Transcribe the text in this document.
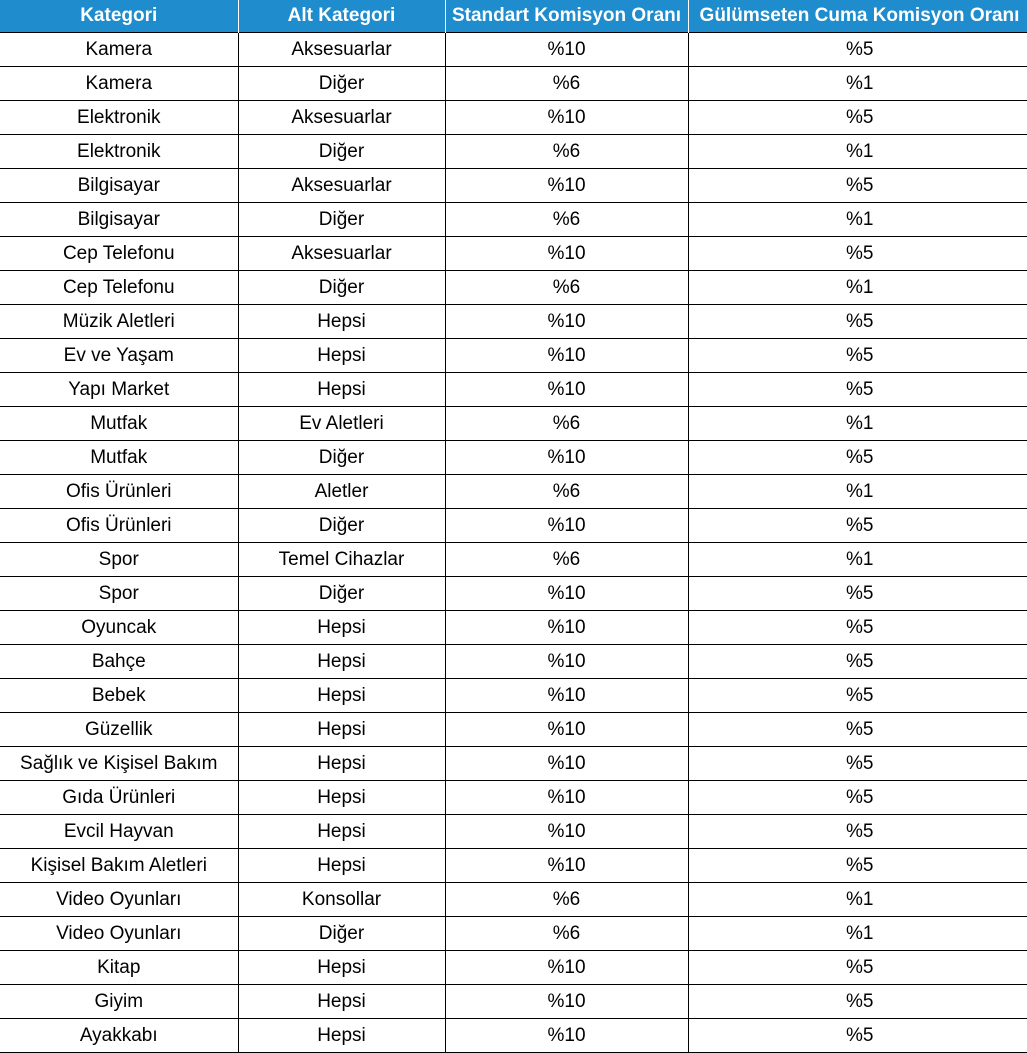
Kategori	Alt Kategori	Standart Komisyon Oranı	Gülümseten Cuma Komisyon Oranı
Kamera	Aksesuarlar	%10	%5
Kamera	Diğer	%6	%1
Elektronik	Aksesuarlar	%10	%5
Elektronik	Diğer	%6	%1
Bilgisayar	Aksesuarlar	%10	%5
Bilgisayar	Diğer	%6	%1
Cep Telefonu	Aksesuarlar	%10	%5
Cep Telefonu	Diğer	%6	%1
Müzik Aletleri	Hepsi	%10	%5
Ev ve Yaşam	Hepsi	%10	%5
Yapı Market	Hepsi	%10	%5
Mutfak	Ev Aletleri	%6	%1
Mutfak	Diğer	%10	%5
Ofis Ürünleri	Aletler	%6	%1
Ofis Ürünleri	Diğer	%10	%5
Spor	Temel Cihazlar	%6	%1
Spor	Diğer	%10	%5
Oyuncak	Hepsi	%10	%5
Bahçe	Hepsi	%10	%5
Bebek	Hepsi	%10	%5
Güzellik	Hepsi	%10	%5
Sağlık ve Kişisel Bakım	Hepsi	%10	%5
Gıda Ürünleri	Hepsi	%10	%5
Evcil Hayvan	Hepsi	%10	%5
Kişisel Bakım Aletleri	Hepsi	%10	%5
Video Oyunları	Konsollar	%6	%1
Video Oyunları	Diğer	%6	%1
Kitap	Hepsi	%10	%5
Giyim	Hepsi	%10	%5
Ayakkabı	Hepsi	%10	%5
